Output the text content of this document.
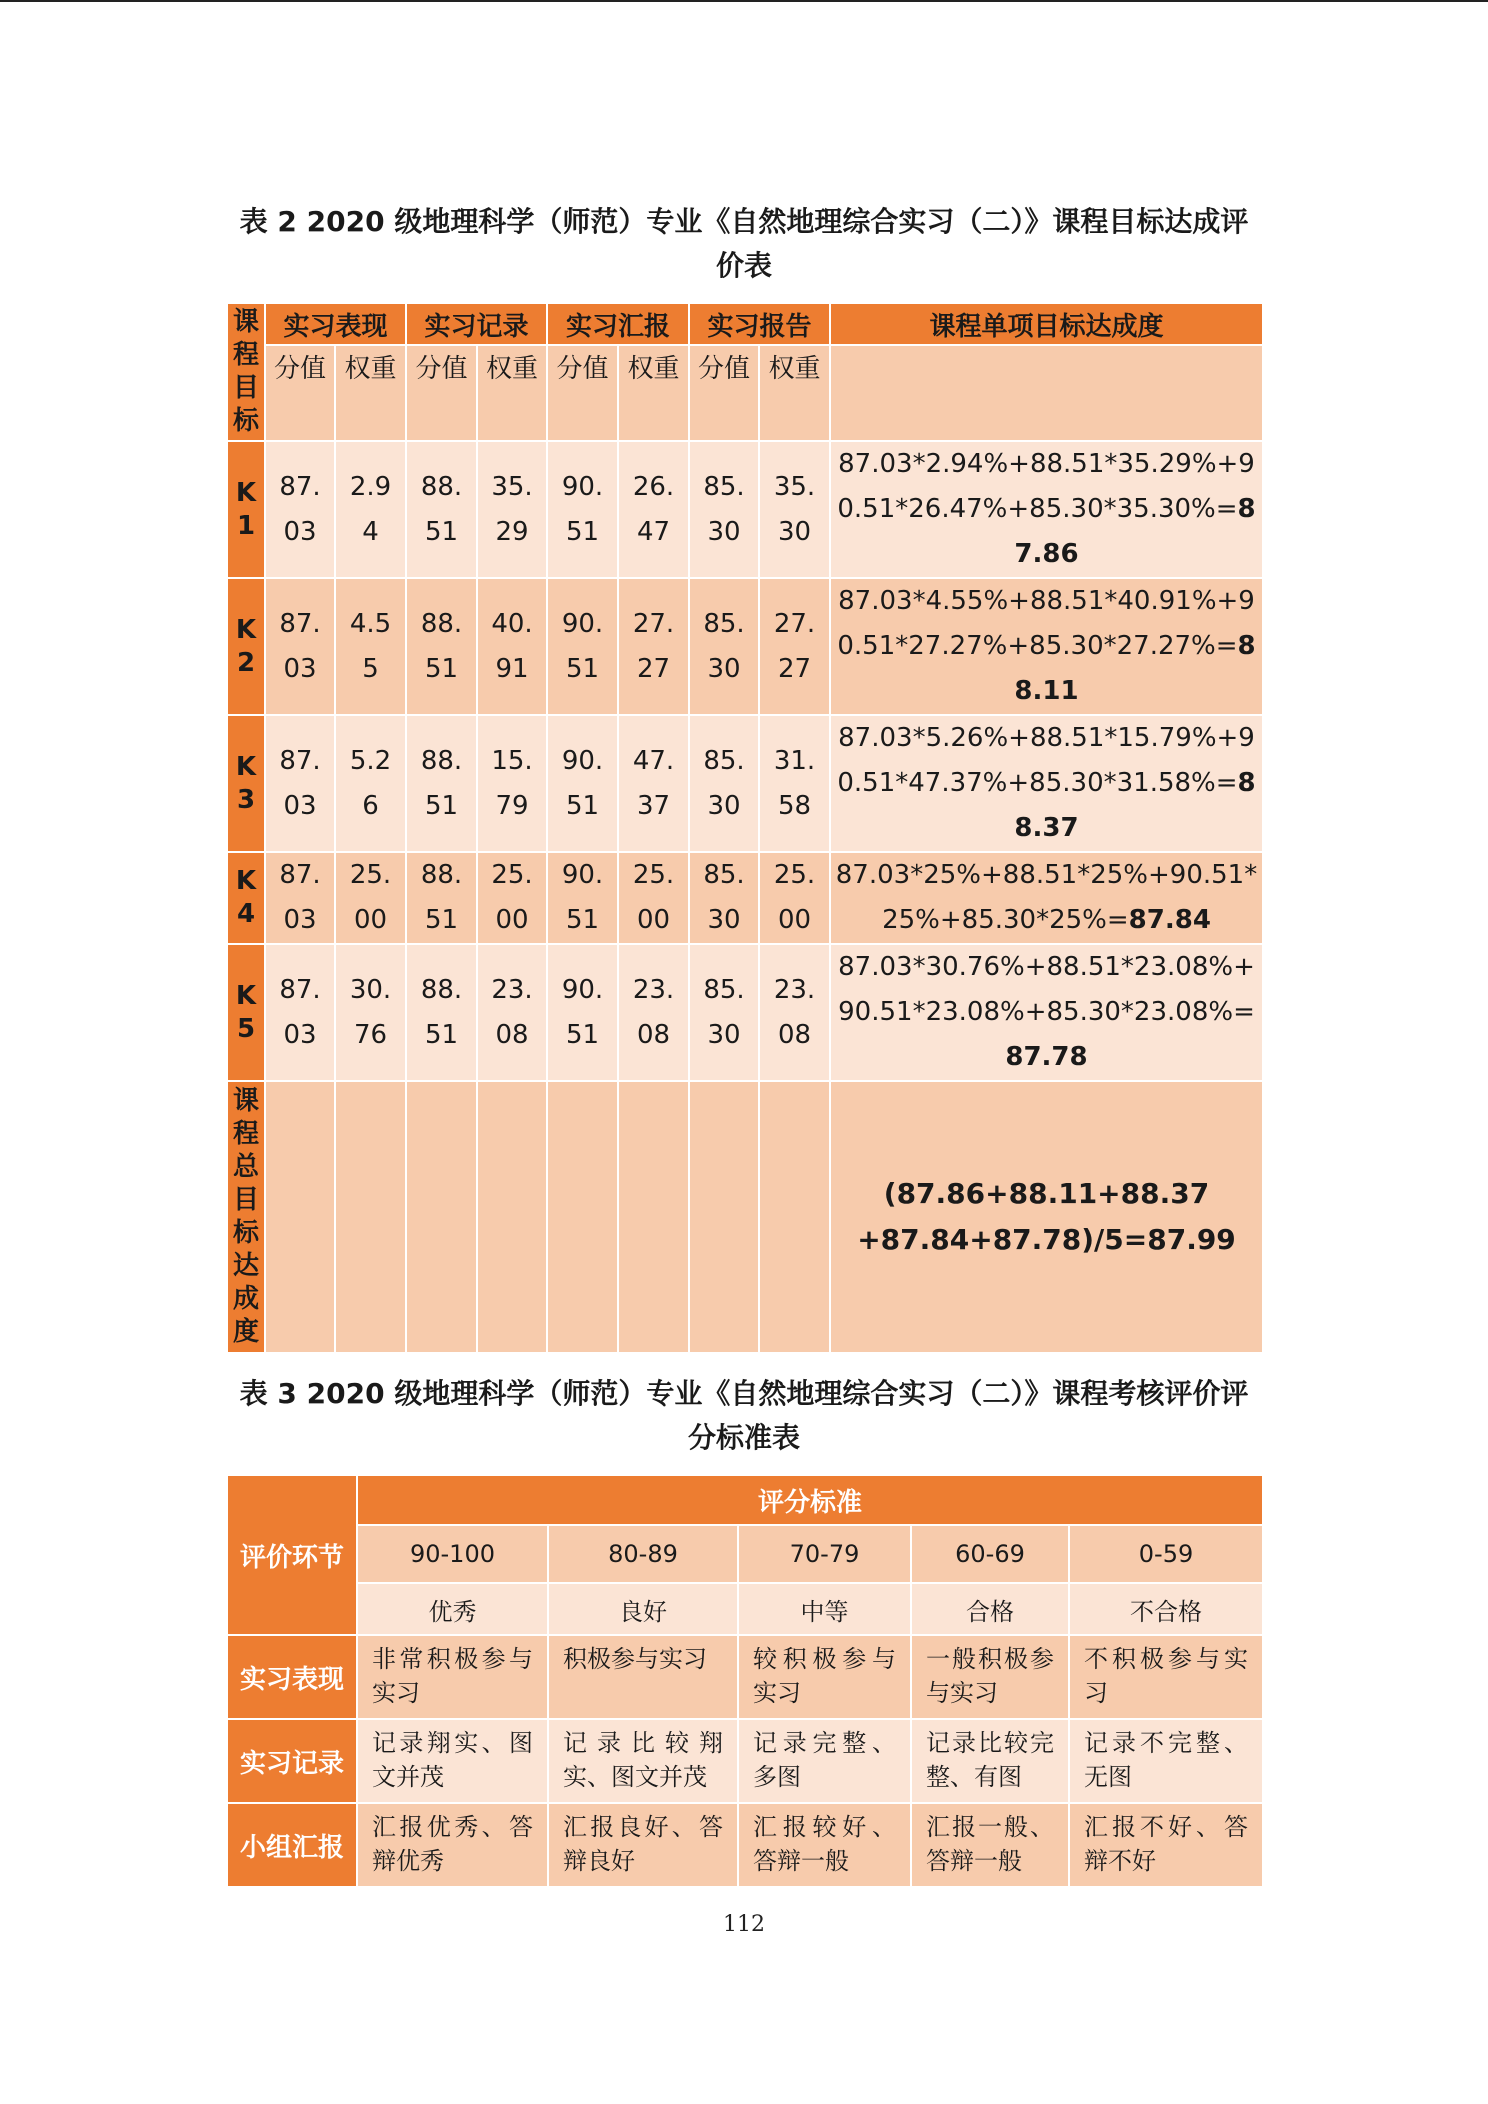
表 2 2020 级地理科学（师范）专业《自然地理综合实习（二）》课程目标达成评价表
课程目标	实习表现		实习记录		实习汇报		实习报告		课程单项目标达成度
	分值	权重	分值	权重	分值	权重	分值	权重	

K1	87.03	2.94	88.51	35.29	90.51	26.47	85.30	35.30	87.03*2.94%+88.51*35.29%+90.51*26.47%+85.30*35.30%=87.86

K2	87.03	4.55	88.51	40.91	90.51	27.27	85.30	27.27	87.03*4.55%+88.51*40.91%+90.51*27.27%+85.30*27.27%=88.11

K3	87.03	5.26	88.51	15.79	90.51	47.37	85.30	31.58	87.03*5.26%+88.51*15.79%+90.51*47.37%+85.30*31.58%=88.37

K4	87.03	25.00	88.51	25.00	90.51	25.00	85.30	25.00	87.03*25%+88.51*25%+90.51*25%+85.30*25%=87.84

K5	87.03	30.76	88.51	23.08	90.51	23.08	85.30	23.08	87.03*30.76%+88.51*23.08%+90.51*23.08%+85.30*23.08%=87.78

课程总目标达成度									(87.86+88.11+88.37
+87.84+87.78)/5=87.99
表 3 2020 级地理科学（师范）专业《自然地理综合实习（二）》课程考核评价评分标准表
评价环节	评分标准				
	90-100	80-89	70-79	60-69	0-59
	优秀	良好	中等	合格	不合格
实习表现	非常积极参与实习	积极参与实习	较积极参与实习	一般积极参与实习	不积极参与实习
实习记录	记录翔实、图文并茂	记录比较翔实、图文并茂	记录完整、多图	记录比较完整、有图	记录不完整、无图
小组汇报	汇报优秀、答辩优秀	汇报良好、答辩良好	汇报较好、答辩一般	汇报一般、答辩一般	汇报不好、答辩不好
112
